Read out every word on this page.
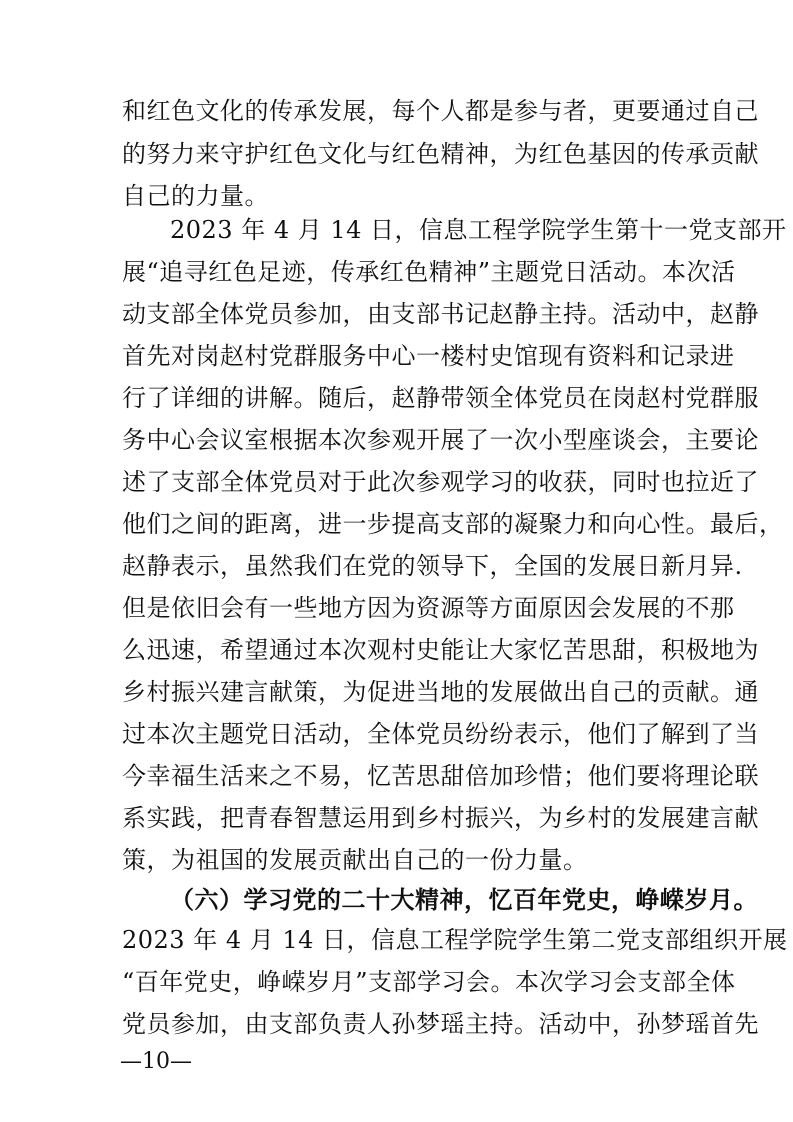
和红色文化的传承发展，每个人都是参与者，更要通过自己
的努力来守护红色文化与红色精神，为红色基因的传承贡献
自己的力量。
2023 年 4 月 14 日，信息工程学院学生第十一党支部开
展“追寻红色足迹，传承红色精神”主题党日活动。本次活
动支部全体党员参加，由支部书记赵静主持。活动中，赵静
首先对岗赵村党群服务中心一楼村史馆现有资料和记录进
行了详细的讲解。随后，赵静带领全体党员在岗赵村党群服
务中心会议室根据本次参观开展了一次小型座谈会，主要论
述了支部全体党员对于此次参观学习的收获，同时也拉近了
他们之间的距离，进一步提高支部的凝聚力和向心性。最后，
赵静表示，虽然我们在党的领导下，全国的发展日新月异.
但是依旧会有一些地方因为资源等方面原因会发展的不那
么迅速，希望通过本次观村史能让大家忆苦思甜，积极地为
乡村振兴建言献策，为促进当地的发展做出自己的贡献。通
过本次主题党日活动，全体党员纷纷表示，他们了解到了当
今幸福生活来之不易，忆苦思甜倍加珍惜；他们要将理论联
系实践，把青春智慧运用到乡村振兴，为乡村的发展建言献
策，为祖国的发展贡献出自己的一份力量。
（六）学习党的二十大精神，忆百年党史，峥嵘岁月。
2023 年 4 月 14 日，信息工程学院学生第二党支部组织开展
“百年党史，峥嵘岁月”支部学习会。本次学习会支部全体
党员参加，由支部负责人孙梦瑶主持。活动中，孙梦瑶首先
—10—
